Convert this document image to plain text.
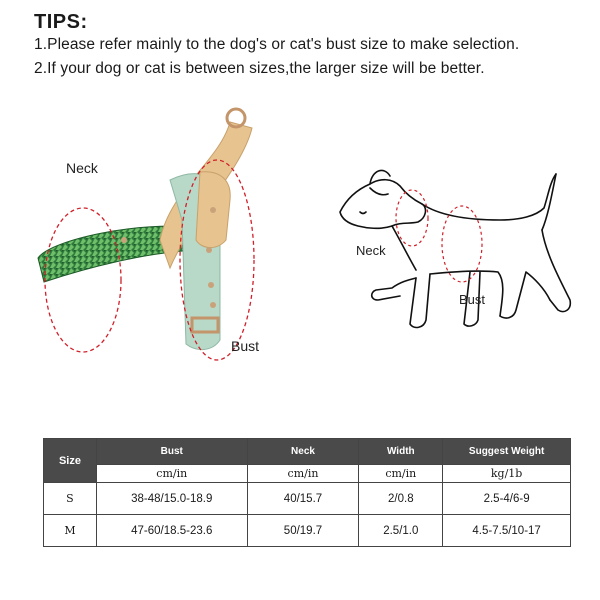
TIPS:
1.Please refer mainly to the dog's or cat's bust size to make selection.
2.If your dog or cat is between sizes,the larger size will be better.
Neck
Bust
Neck
Bust
Size	Bust	Neck	Width	Suggest Weight
	cm/in	cm/in	cm/in	kg/1b
S	38-48/15.0-18.9	40/15.7	2/0.8	2.5-4/6-9
M	47-60/18.5-23.6	50/19.7	2.5/1.0	4.5-7.5/10-17
